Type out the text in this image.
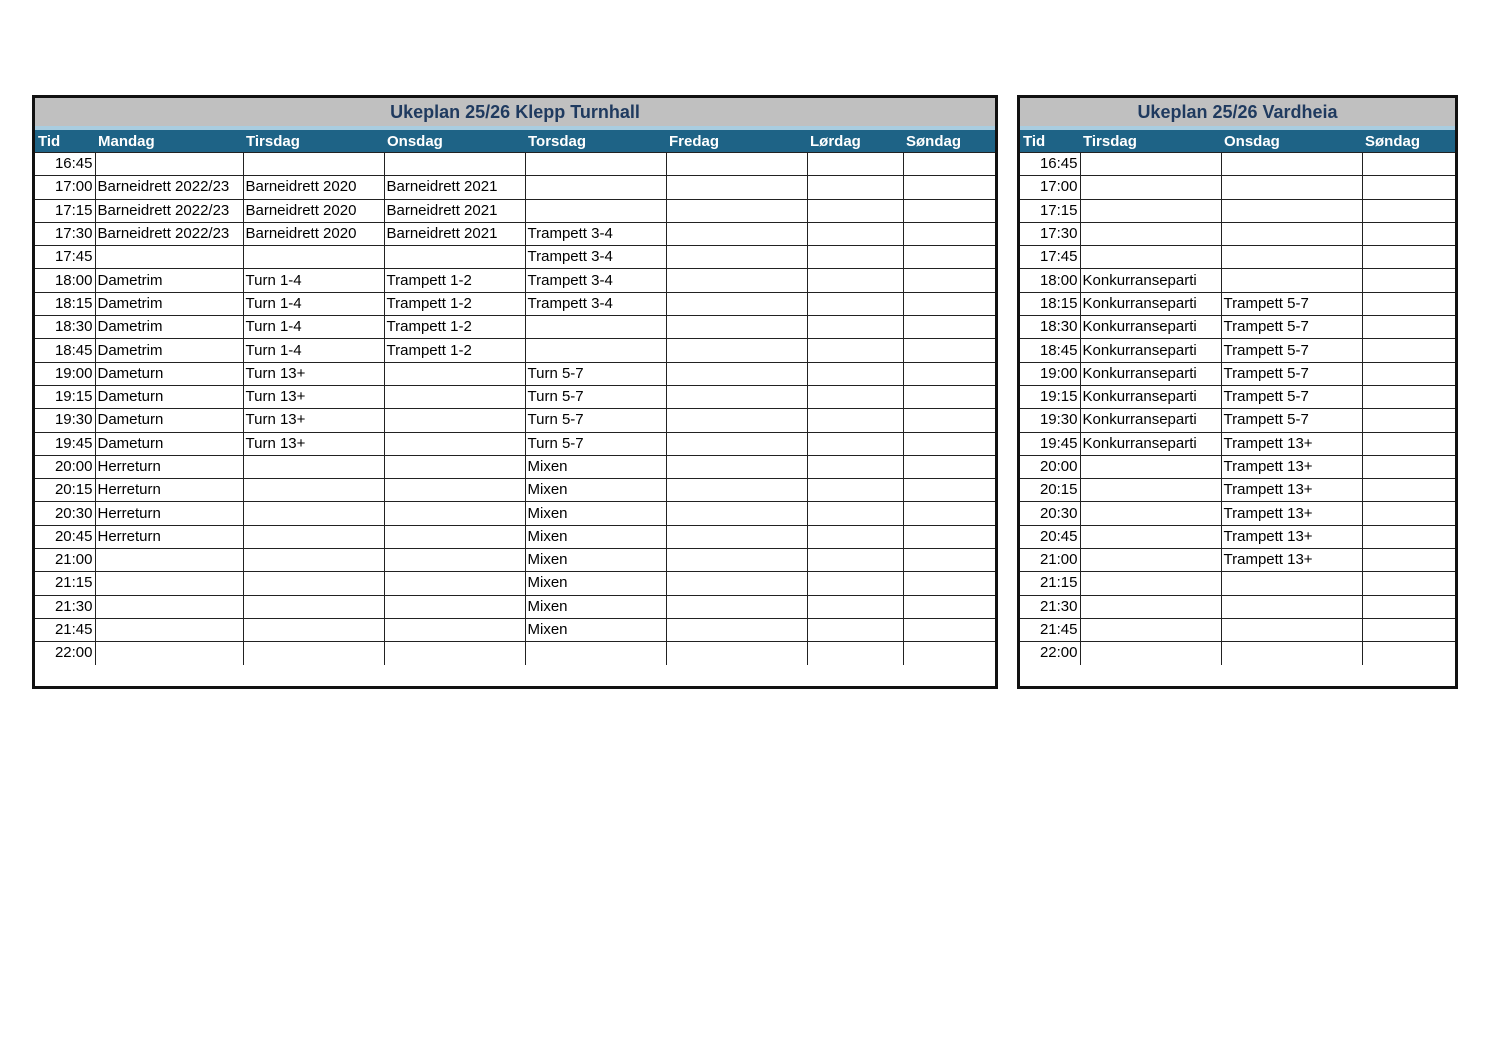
Ukeplan 25/26 Klepp Turnhall
Tid	Mandag	Tirsdag	Onsdag	Torsdag	Fredag	Lørdag	Søndag
16:45							
17:00	Barneidrett 2022/23	Barneidrett 2020	Barneidrett 2021				
17:15	Barneidrett 2022/23	Barneidrett 2020	Barneidrett 2021				
17:30	Barneidrett 2022/23	Barneidrett 2020	Barneidrett 2021	Trampett 3-4			
17:45				Trampett 3-4			
18:00	Dametrim	Turn 1-4	Trampett 1-2	Trampett 3-4			
18:15	Dametrim	Turn 1-4	Trampett 1-2	Trampett 3-4			
18:30	Dametrim	Turn 1-4	Trampett 1-2				
18:45	Dametrim	Turn 1-4	Trampett 1-2				
19:00	Dameturn	Turn 13+		Turn 5-7			
19:15	Dameturn	Turn 13+		Turn 5-7			
19:30	Dameturn	Turn 13+		Turn 5-7			
19:45	Dameturn	Turn 13+		Turn 5-7			
20:00	Herreturn			Mixen			
20:15	Herreturn			Mixen			
20:30	Herreturn			Mixen			
20:45	Herreturn			Mixen			
21:00				Mixen			
21:15				Mixen			
21:30				Mixen			
21:45				Mixen			
22:00							
Ukeplan 25/26 Vardheia
Tid	Tirsdag	Onsdag	Søndag
16:45			
17:00			
17:15			
17:30			
17:45			
18:00	Konkurranseparti		
18:15	Konkurranseparti	Trampett 5-7	
18:30	Konkurranseparti	Trampett 5-7	
18:45	Konkurranseparti	Trampett 5-7	
19:00	Konkurranseparti	Trampett 5-7	
19:15	Konkurranseparti	Trampett 5-7	
19:30	Konkurranseparti	Trampett 5-7	
19:45	Konkurranseparti	Trampett 13+	
20:00		Trampett 13+	
20:15		Trampett 13+	
20:30		Trampett 13+	
20:45		Trampett 13+	
21:00		Trampett 13+	
21:15			
21:30			
21:45			
22:00			
